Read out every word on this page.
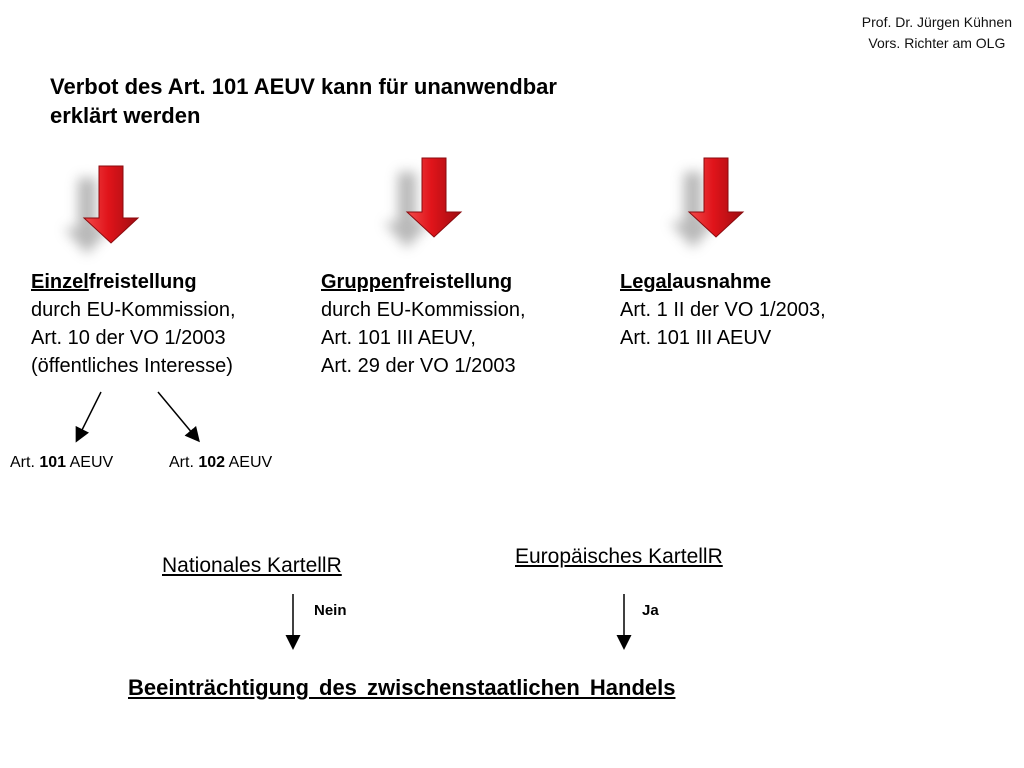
Prof. Dr. Jürgen Kühnen
Vors. Richter am OLG
Verbot des Art. 101 AEUV kann für unanwendbar
erklärt werden
Einzelfreistellung
durch EU-Kommission,
Art. 10 der VO 1/2003
(öffentliches Interesse)
Gruppenfreistellung
durch EU-Kommission,
Art. 101 III AEUV,
Art. 29 der VO 1/2003
Legalausnahme
Art. 1 II der VO 1/2003,
Art. 101 III AEUV
Art. 101 AEUV	Art. 102 AEUV
Nationales KartellR	Europäisches KartellR
Nein	Ja
Beeinträchtigung des zwischenstaatlichen Handels
